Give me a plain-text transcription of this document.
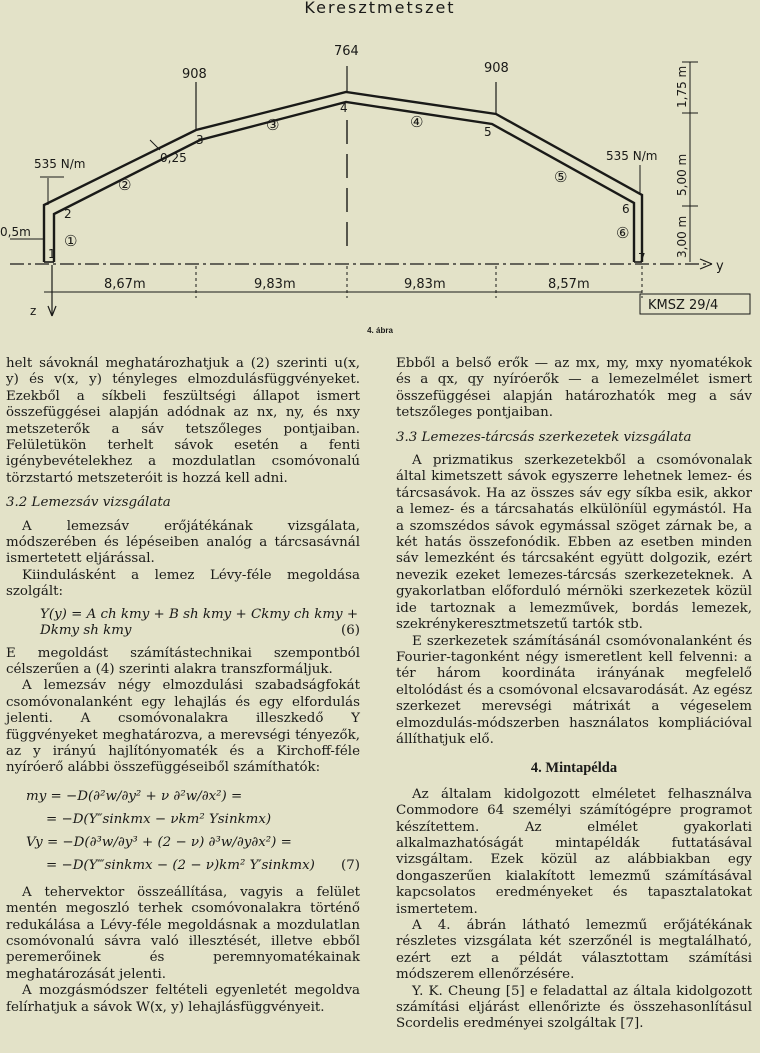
Keresztmetszet
y
z
908
764
908
535 N/m
535 N/m
0,25
1
2
3
4
5
6
7
①
②
③	④
⑤
⑥
0,5m
8,67m	9,83m	9,83m	8,57m
1,75 m
5,00 m
3,00 m
KMSZ 29/4
4. ábra

helt sávoknál meghatározhatjuk a (2) szerinti u(x, y) és v(x, y) tényleges elmozdulásfüggvényeket. Ezekből a síkbeli feszültségi állapot ismert összefüggései alapján adódnak az nx, ny, és nxy metszeterők a sáv tetszőleges pontjaiban. Felületükön terhelt sávok esetén a fenti igénybevételekhez a mozdulatlan csomóvonalú törzstartó metszeteróit is hozzá kell adni.

3.2 Lemezsáv vizsgálata

A lemezsáv erőjátékának vizsgálata, módszerében és lépéseiben analóg a tárcsasávnál ismertetett eljárással.

Kiindulásként a lemez Lévy-féle megoldása szolgált:

Y(y) = A ch kmy + B sh kmy + Ckmy ch kmy +
Dkmy sh kmy	(6)

E megoldást számítástechnikai szempontból célszerűen a (4) szerinti alakra transzformáljuk.

A lemezsáv négy elmozdulási szabadságfokát csomóvonalanként egy lehajlás és egy elfordulás jelenti. A csomóvonalakra illeszkedő Y függvényeket meghatározva, a merevségi tényezők, az y irányú hajlítónyomaték és a Kirchoff-féle nyíróerő alábbi összefüggéseiből számíthatók:

my = −D(∂²w/∂y² + ν ∂²w/∂x²) =
= −D(Y″sinkmx − νkm² Ysinkmx)
Vy = −D(∂³w/∂y³ + (2 − ν) ∂³w/∂y∂x²) =
= −D(Y‴sinkmx − (2 − ν)km² Y′sinkmx) (7)

A tehervektor összeállítása, vagyis a felület mentén megoszló terhek csomóvonalakra történő redukálása a Lévy-féle megoldásnak a mozdulatlan csomóvonalú sávra való illesztését, illetve ebből peremerőinek és peremnyomatékainak meghatározását jelenti.

A mozgásmódszer feltételi egyenletét megoldva felírhatjuk a sávok W(x, y) lehajlásfüggvényeit.

Ebből a belső erők — az mx, my, mxy nyomatékok és a qx, qy nyíróerők — a lemezelmélet ismert összefüggései alapján határozhatók meg a sáv tetszőleges pontjaiban.

3.3 Lemezes-tárcsás szerkezetek vizsgálata

A prizmatikus szerkezetekből a csomóvonalak által kimetszett sávok egyszerre lehetnek lemez- és tárcsasávok. Ha az összes sáv egy síkba esik, akkor a lemez- és a tárcsahatás elkülöníül egymástól. Ha a szomszédos sávok egymással szöget zárnak be, a két hatás összefonódik. Ebben az esetben minden sáv lemezként és tárcsaként együtt dolgozik, ezért nevezik ezeket lemezes-tárcsás szerkezeteknek. A gyakorlatban előforduló mérnöki szerkezetek közül ide tartoznak a lemezművek, bordás lemezek, szekrénykeresztmetszetű tartók stb.

E szerkezetek számításánál csomóvonalanként és Fourier-tagonként négy ismeretlent kell felvenni: a tér három koordináta irányának megfelelő eltolódást és a csomóvonal elcsavarodását. Az egész szerkezet merevségi mátrixát a végeselem elmozdulás-módszerben használatos kompliációval állíthatjuk elő.

4. Mintapélda

Az általam kidolgozott elméletet felhasználva Commodore 64 személyi számítógépre programot készítettem. Az elmélet gyakorlati alkalmazhatóságát mintapéldák futtatásával vizsgáltam. Ezek közül az alábbiakban egy dongaszerűen kialakított lemezmű számításával kapcsolatos eredményeket és tapasztalatokat ismertetem.

A 4. ábrán látható lemezmű erőjátékának részletes vizsgálata két szerzőnél is megtalálható, ezért ezt a példát választottam számítási módszerem ellenőrzésére.

Y. K. Cheung [5] e feladattal az általa kidolgozott számítási eljárást ellenőrizte és összehasonlításul Scordelis eredményei szolgáltak [7].
